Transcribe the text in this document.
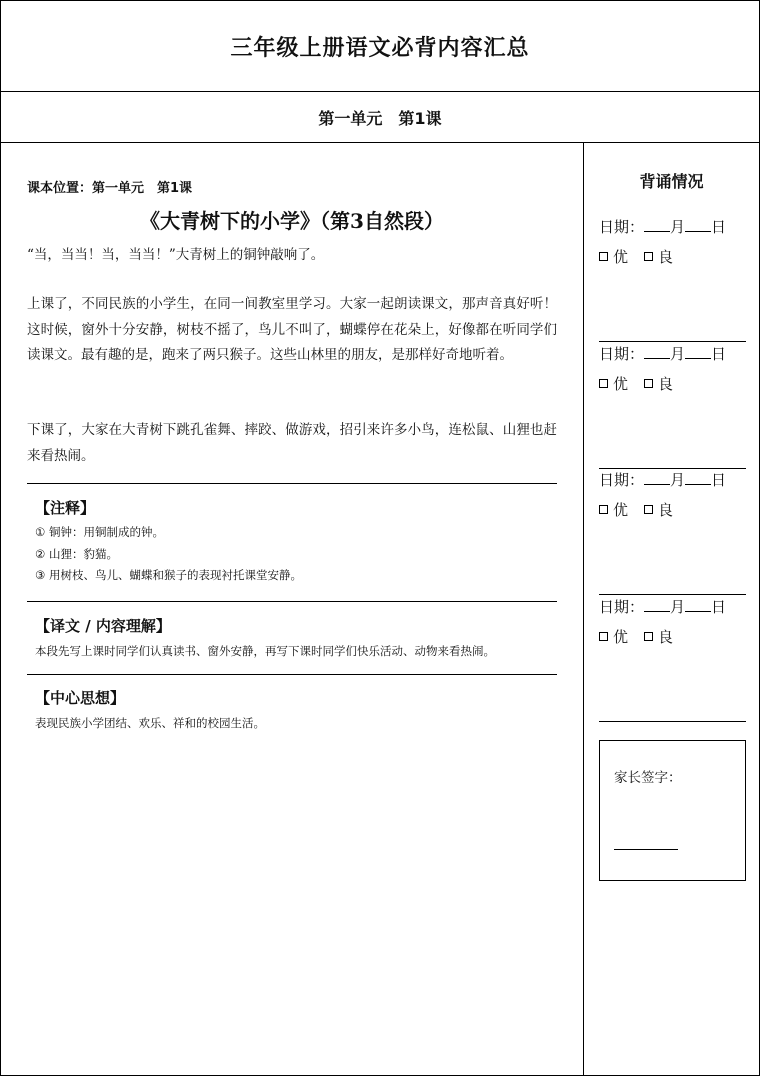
三年级上册语文必背内容汇总
第一单元　第1课
课本位置：第一单元　第1课
《大青树下的小学》（第3自然段）

“当，当当！当，当当！”大青树上的铜钟敲响了。

上课了，不同民族的小学生，在同一间教室里学习。大家一起朗读课文，那声音真好听！这时候，窗外十分安静，树枝不摇了，鸟儿不叫了，蝴蝶停在花朵上，好像都在听同学们读课文。最有趣的是，跑来了两只猴子。这些山林里的朋友，是那样好奇地听着。

下课了，大家在大青树下跳孔雀舞、摔跤、做游戏，招引来许多小鸟，连松鼠、山狸也赶来看热闹。

【注释】
① 铜钟：用铜制成的钟。
② 山狸：豹猫。
③ 用树枝、鸟儿、蝴蝶和猴子的表现衬托课堂安静。
【译文 / 内容理解】
本段先写上课时同学们认真读书、窗外安静，再写下课时同学们快乐活动、动物来看热闹。
【中心思想】
表现民族小学团结、欢乐、祥和的校园生活。
背诵情况
日期： 月 日
优 良
日期： 月 日
优 良
日期： 月 日
优 良
日期： 月 日
优 良
家长签字：
